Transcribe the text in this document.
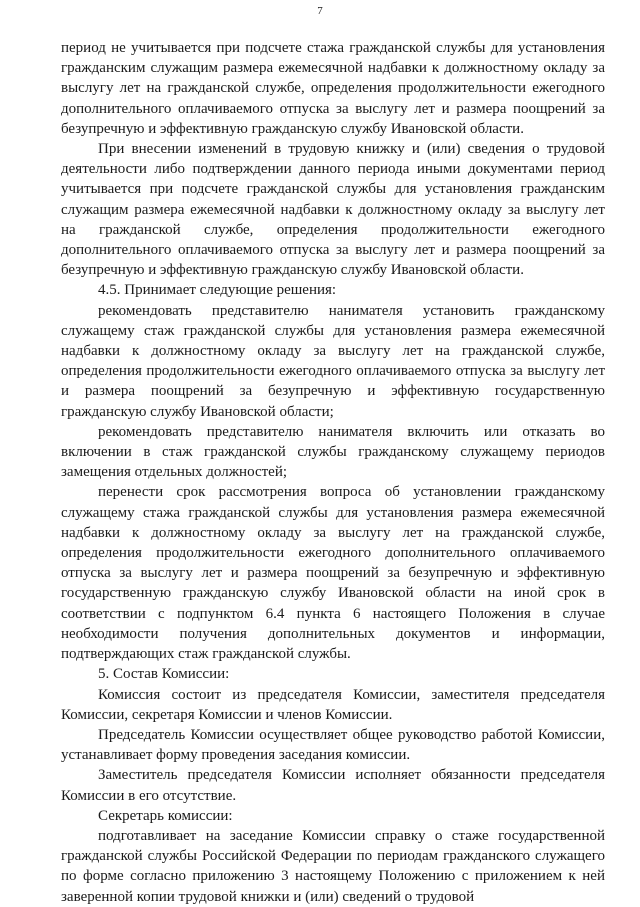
7

период не учитывается при подсчете стажа гражданской службы для установления гражданским служащим размера ежемесячной надбавки к должностному окладу за выслугу лет на гражданской службе, определения продолжительности ежегодного дополнительного оплачиваемого отпуска за выслугу лет и размера поощрений за безупречную и эффективную гражданскую службу Ивановской области.

При внесении изменений в трудовую книжку и (или) сведения о трудовой деятельности либо подтверждении данного периода иными документами период учитывается при подсчете гражданской службы для установления гражданским служащим размера ежемесячной надбавки к должностному окладу за выслугу лет на гражданской службе, определения продолжительности ежегодного дополнительного оплачиваемого отпуска за выслугу лет и размера поощрений за безупречную и эффективную гражданскую службу Ивановской области.

4.5. Принимает следующие решения:

рекомендовать представителю нанимателя установить гражданскому служащему стаж гражданской службы для установления размера ежемесячной надбавки к должностному окладу за выслугу лет на гражданской службе, определения продолжительности ежегодного оплачиваемого отпуска за выслугу лет и размера поощрений за безупречную и эффективную государственную гражданскую службу Ивановской области;

рекомендовать представителю нанимателя включить или отказать во включении в стаж гражданской службы гражданскому служащему периодов замещения отдельных должностей;

перенести срок рассмотрения вопроса об установлении гражданскому служащему стажа гражданской службы для установления размера ежемесячной надбавки к должностному окладу за выслугу лет на гражданской службе, определения продолжительности ежегодного дополнительного оплачиваемого отпуска за выслугу лет и размера поощрений за безупречную и эффективную государственную гражданскую службу Ивановской области на иной срок в соответствии с подпунктом 6.4 пункта 6 настоящего Положения в случае необходимости получения дополнительных документов и информации, подтверждающих стаж гражданской службы.

5. Состав Комиссии:

Комиссия состоит из председателя Комиссии, заместителя председателя Комиссии, секретаря Комиссии и членов Комиссии.

Председатель Комиссии осуществляет общее руководство работой Комиссии, устанавливает форму проведения заседания комиссии.

Заместитель председателя Комиссии исполняет обязанности председателя Комиссии в его отсутствие.

Секретарь комиссии:

подготавливает на заседание Комиссии справку о стаже государственной гражданской службы Российской Федерации по периодам гражданского служащего по форме согласно приложению 3 настоящему Положению с приложением к ней заверенной копии трудовой книжки и (или) сведений о трудовой
